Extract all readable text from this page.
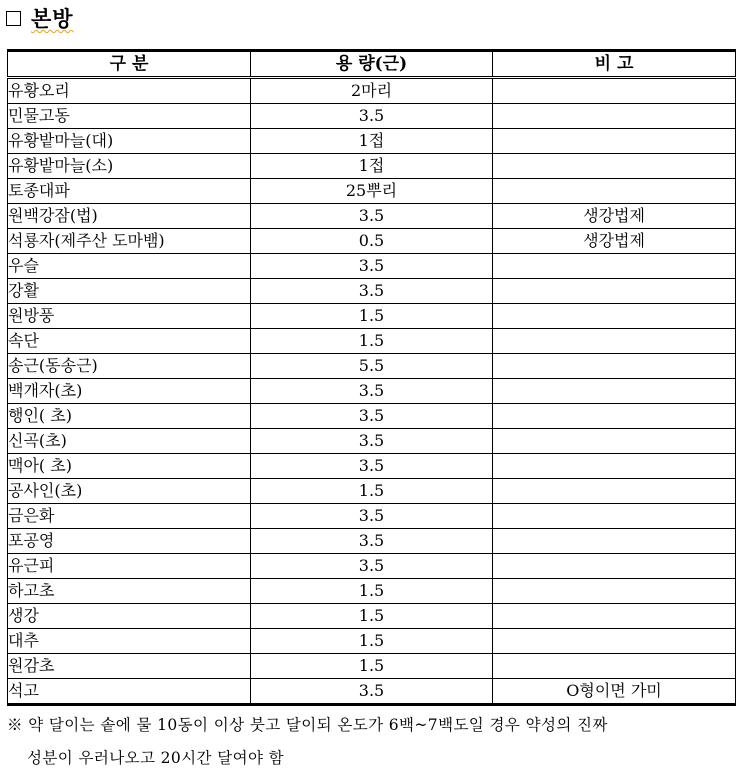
본방
구 분	용 량(근)	비 고
유황오리	2마리	
민물고동	3.5	
유황밭마늘(대)	1접	
유황밭마늘(소)	1접	
토종대파	25뿌리	
원백강잠(법)	3.5	생강법제
석룡자(제주산 도마뱀)	0.5	생강법제
우슬	3.5	
강활	3.5	
원방풍	1.5	
속단	1.5	
송근(동송근)	5.5	
백개자(초)	3.5	
행인( 초)	3.5	
신곡(초)	3.5	
맥아( 초)	3.5	
공사인(초)	1.5	
금은화	3.5	
포공영	3.5	
유근피	3.5	
하고초	1.5	
생강	1.5	
대추	1.5	
원감초	1.5	
석고	3.5	O형이면 가미
※ 약 달이는 솥에 물 10동이 이상 붓고 달이되 온도가 6백~7백도일 경우 약성의 진짜
성분이 우러나오고 20시간 달여야 함
